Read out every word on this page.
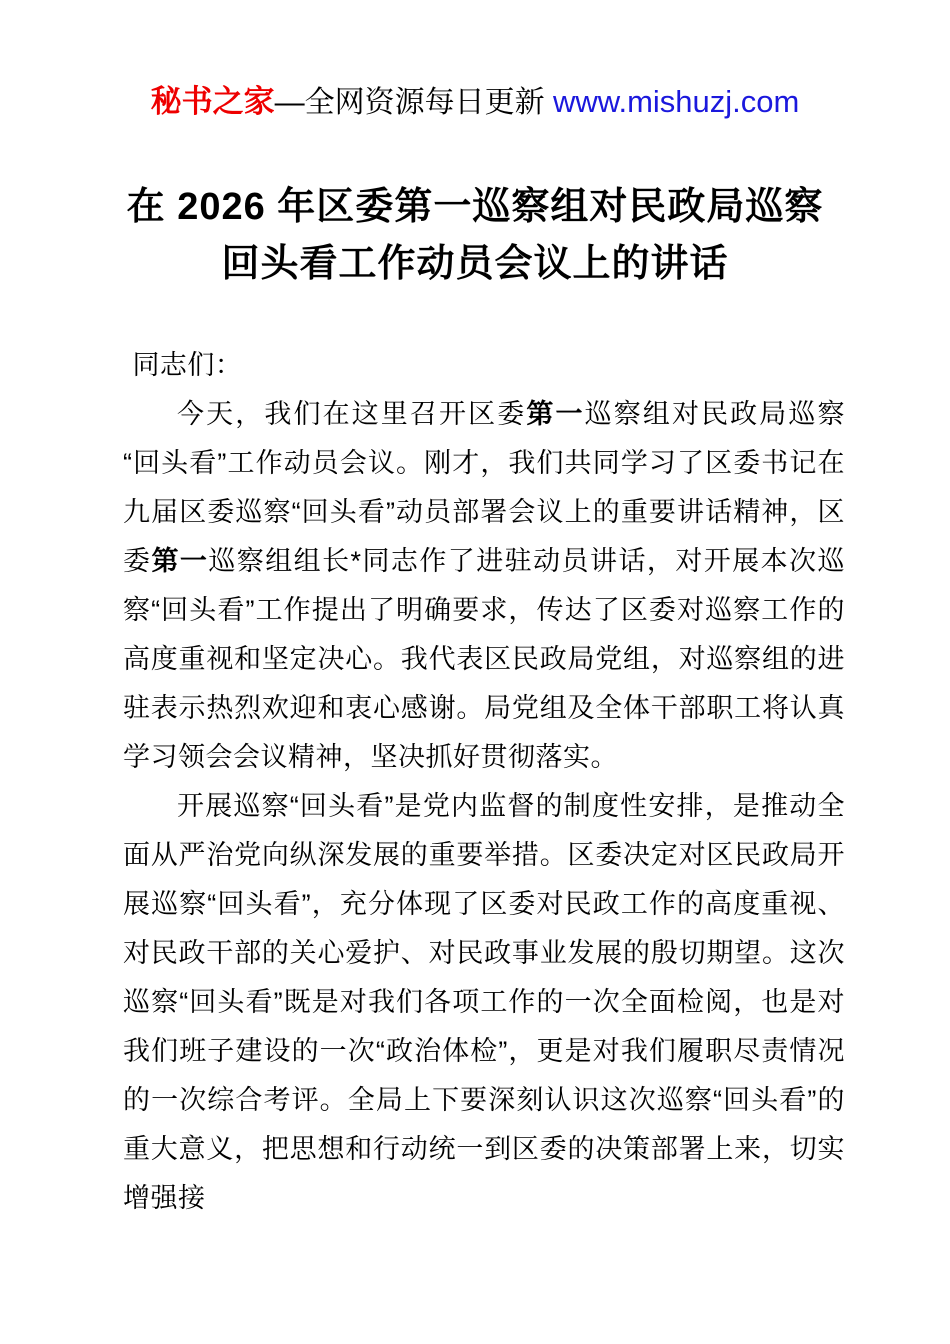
秘书之家—全网资源每日更新 www.mishuzj.com
在 2026 年区委第一巡察组对民政局巡察
回头看工作动员会议上的讲话

同志们：

今天，我们在这里召开区委第一巡察组对民政局巡察“回头看”工作动员会议。刚才，我们共同学习了区委书记在九届区委巡察“回头看”动员部署会议上的重要讲话精神，区委第一巡察组组长*同志作了进驻动员讲话，对开展本次巡察“回头看”工作提出了明确要求，传达了区委对巡察工作的高度重视和坚定决心。我代表区民政局党组，对巡察组的进驻表示热烈欢迎和衷心感谢。局党组及全体干部职工将认真学习领会会议精神，坚决抓好贯彻落实。

开展巡察“回头看”是党内监督的制度性安排，是推动全面从严治党向纵深发展的重要举措。区委决定对区民政局开展巡察“回头看”，充分体现了区委对民政工作的高度重视、对民政干部的关心爱护、对民政事业发展的殷切期望。这次巡察“回头看”既是对我们各项工作的一次全面检阅，也是对我们班子建设的一次“政治体检”，更是对我们履职尽责情况的一次综合考评。全局上下要深刻认识这次巡察“回头看”的重大意义，把思想和行动统一到区委的决策部署上来，切实增强接
